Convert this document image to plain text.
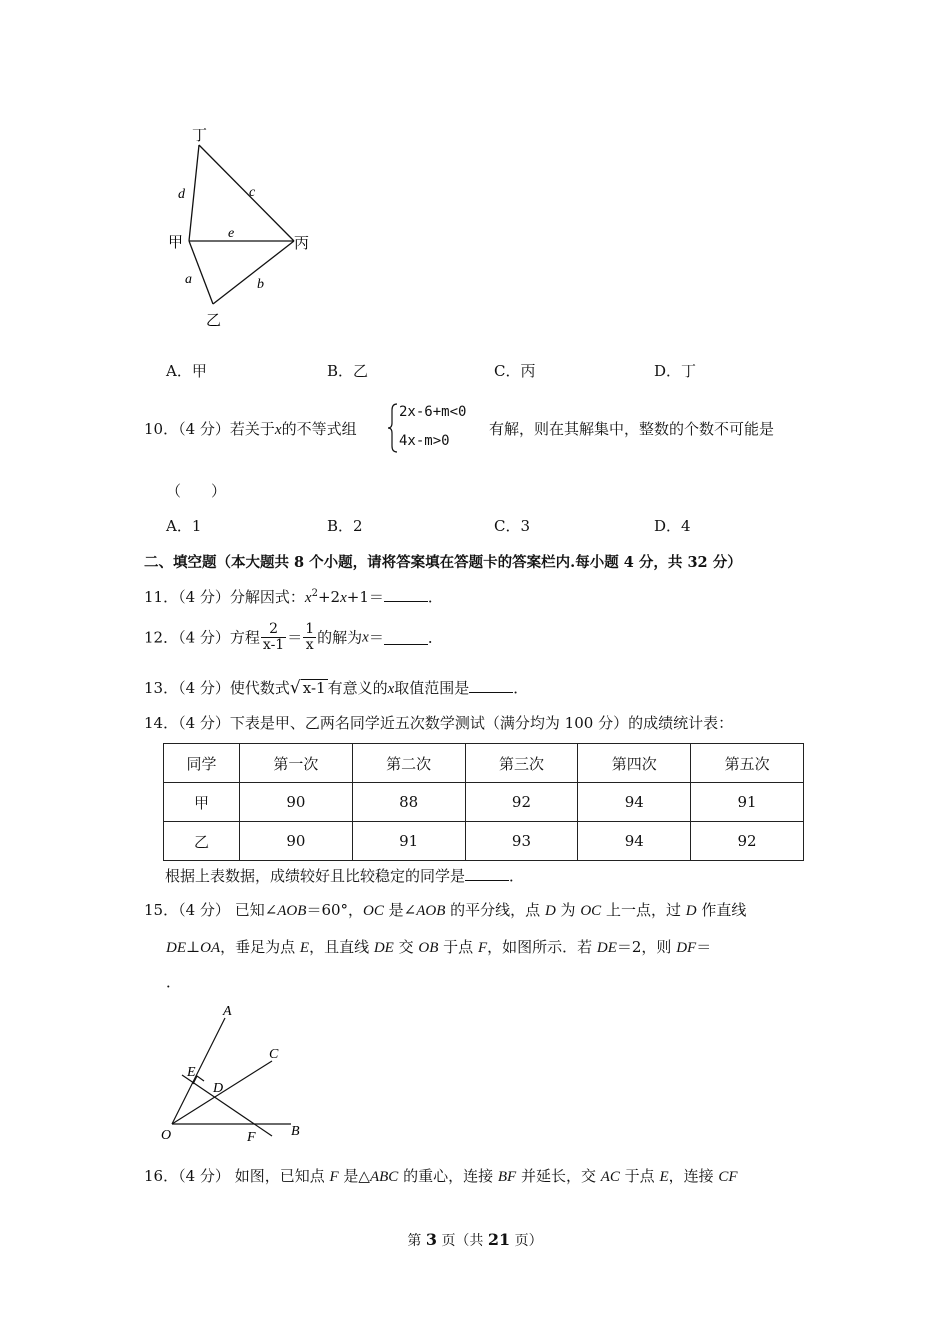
丁
甲	丙
乙
d	c
e
a	b
A．甲	B．乙	C．丙	D．丁
10．（4 分）若关于x的不等式组
2x-6+m<0
4x-m>0
有解，则在其解集中，整数的个数不可能是
（　　）
A．1	B．2	C．3	D．4
二、填空题（本大题共 8 个小题，请将答案填在答题卡的答案栏内.每小题 4 分，共 32 分）
11．（4 分）分解因式：$x^2+2x+1=$	．
12．（4 分）方程 $\frac{2}{x-1} = \frac{1}{x}$ 的解为x＝	．
13．（4 分）使代数式√ x-1 有意义的x取值范围是	．
14．（4 分）下表是甲、乙两名同学近五次数学测试（满分均为 100 分）的成绩统计表：
同学	第一次	第二次	第三次	第四次	第五次
甲	90	88	92	94	91
乙	90	91	93	94	92
根据上表数据，成绩较好且比较稳定的同学是	．
15．（4 分） 已知∠AOB＝60°，OC 是∠AOB 的平分线，点 D 为 OC 上一点，过 D 作直线
DE⊥OA，垂足为点 E，且直线 DE 交 OB 于点 F，如图所示．若 DE＝2，则 DF＝
．
A
C
E
D
O	F	B
16．（4 分） 如图，已知点 F 是△ABC 的重心，连接 BF 并延长，交 AC 于点 E，连接 CF
第 3 页（共 21 页）
